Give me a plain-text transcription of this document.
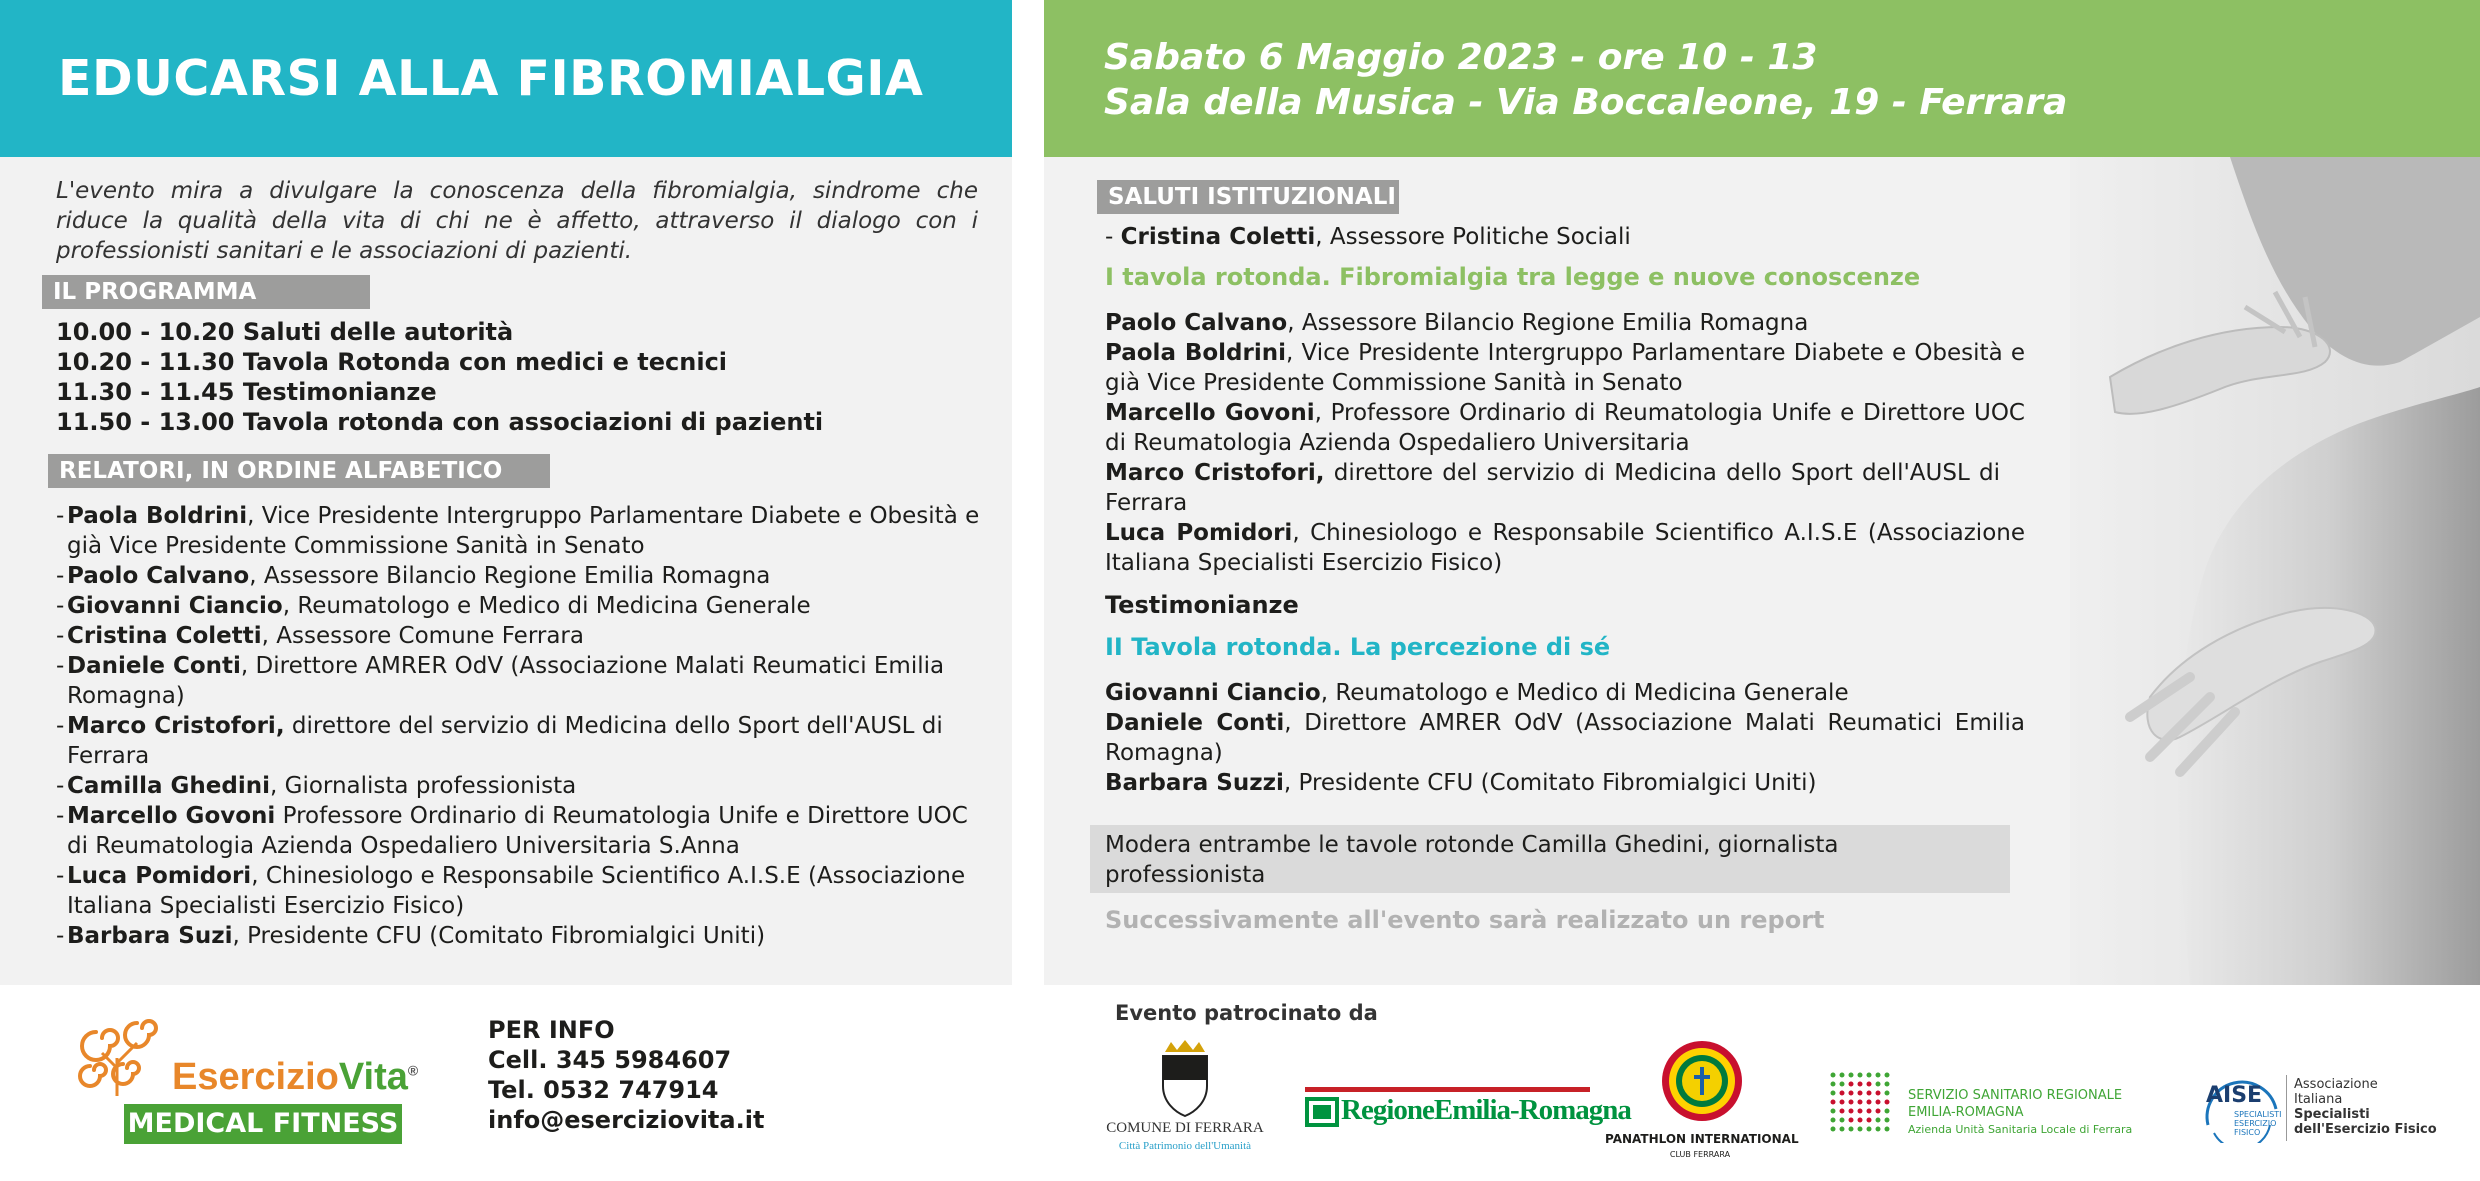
EDUCARSI ALLA FIBROMIALGIA
L'evento mira a divulgare la conoscenza della fibromialgia, sindrome che riduce la qualità della vita di chi ne è affetto, attraverso il dialogo con i professionisti sanitari e le associazioni di pazienti.
IL PROGRAMMA
10.00 - 10.20 Saluti delle autorità
10.20 - 11.30 Tavola Rotonda con medici e tecnici
11.30 - 11.45 Testimonianze
11.50 - 13.00 Tavola rotonda con associazioni di pazienti
RELATORI, IN ORDINE ALFABETICO
- Paola Boldrini, Vice Presidente Intergruppo Parlamentare Diabete e Obesità e già Vice Presidente Commissione Sanità in Senato
- Paolo Calvano, Assessore Bilancio Regione Emilia Romagna
- Giovanni Ciancio, Reumatologo e Medico di Medicina Generale
- Cristina Coletti, Assessore Comune Ferrara
- Daniele Conti, Direttore AMRER OdV (Associazione Malati Reumatici Emilia Romagna)
- Marco Cristofori, direttore del servizio di Medicina dello Sport dell'AUSL di Ferrara
- Camilla Ghedini, Giornalista professionista
- Marcello Govoni Professore Ordinario di Reumatologia Unife e Direttore UOC di Reumatologia Azienda Ospedaliero Universitaria S.Anna
- Luca Pomidori, Chinesiologo e Responsabile Scientifico A.I.S.E (Associazione Italiana Specialisti Esercizio Fisico)
- Barbara Suzi, Presidente CFU (Comitato Fibromialgici Uniti)
Sabato 6 Maggio 2023 - ore 10 - 13
Sala della Musica - Via Boccaleone, 19 - Ferrara
SALUTI ISTITUZIONALI
- Cristina Coletti, Assessore Politiche Sociali
I tavola rotonda. Fibromialgia tra legge e nuove conoscenze
Paolo Calvano, Assessore Bilancio Regione Emilia Romagna
Paola Boldrini, Vice Presidente Intergruppo Parlamentare Diabete e Obesità e già Vice Presidente Commissione Sanità in Senato
Marcello Govoni, Professore Ordinario di Reumatologia Unife e Direttore UOC di Reumatologia Azienda Ospedaliero Universitaria
Marco Cristofori, direttore del servizio di Medicina dello Sport dell'AUSL di Ferrara
Luca Pomidori, Chinesiologo e Responsabile Scientifico A.I.S.E (Associazione Italiana Specialisti Esercizio Fisico)
Testimonianze
II Tavola rotonda. La percezione di sé
Giovanni Ciancio, Reumatologo e Medico di Medicina Generale
Daniele Conti, Direttore AMRER OdV (Associazione Malati Reumatici Emilia Romagna)
Barbara Suzzi, Presidente CFU (Comitato Fibromialgici Uniti)
Modera entrambe le tavole rotonde Camilla Ghedini, giornalista professionista
Successivamente all'evento sarà realizzato un report
EsercizioVita®
MEDICAL FITNESS
PER INFO
Cell. 345 5984607
Tel. 0532 747914
info@eserciziovita.it
Evento patrocinato da
COMUNE DI FERRARA
Città Patrimonio dell'Umanità
RegioneEmilia-Romagna
PANATHLON INTERNATIONAL
CLUB FERRARA
SERVIZIO SANITARIO REGIONALE
EMILIA-ROMAGNA
Azienda Unità Sanitaria Locale di Ferrara
AISE
SPECIALISTI
ESERCIZIO
FISICO
Associazione
Italiana
Specialisti
dell'Esercizio Fisico
